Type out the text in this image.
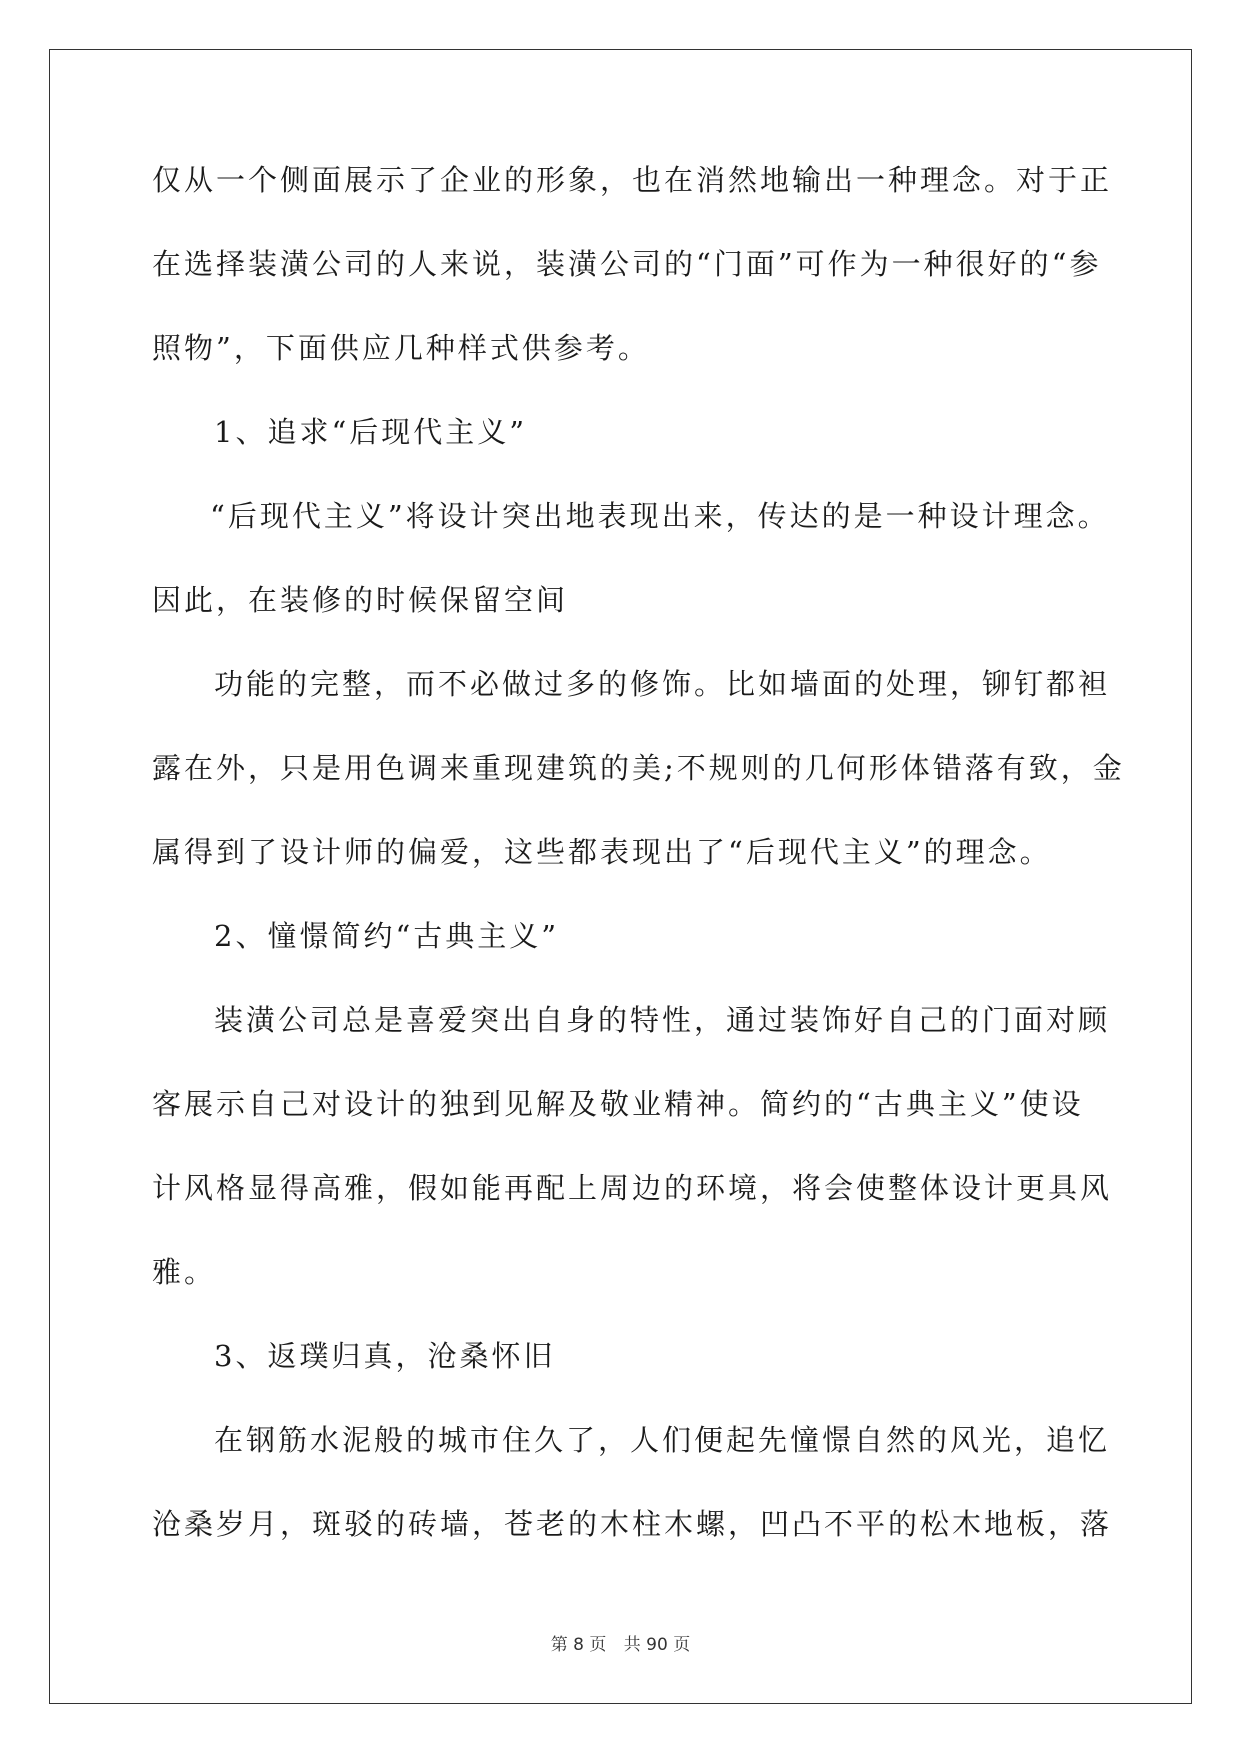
仅从一个侧面展示了企业的形象，也在消然地输出一种理念。对于正
在选择装潢公司的人来说，装潢公司的“门面”可作为一种很好的“参
照物”，下面供应几种样式供参考。
1、追求“后现代主义”
“后现代主义”将设计突出地表现出来，传达的是一种设计理念。
因此，在装修的时候保留空间
功能的完整，而不必做过多的修饰。比如墙面的处理，铆钉都袒
露在外，只是用色调来重现建筑的美;不规则的几何形体错落有致，金
属得到了设计师的偏爱，这些都表现出了“后现代主义”的理念。
2、憧憬简约“古典主义”
装潢公司总是喜爱突出自身的特性，通过装饰好自己的门面对顾
客展示自己对设计的独到见解及敬业精神。简约的“古典主义”使设
计风格显得高雅，假如能再配上周边的环境，将会使整体设计更具风
雅。
3、返璞归真，沧桑怀旧
在钢筋水泥般的城市住久了，人们便起先憧憬自然的风光，追忆
沧桑岁月，斑驳的砖墙，苍老的木柱木螺，凹凸不平的松木地板，落
第 8 页 共 90 页
